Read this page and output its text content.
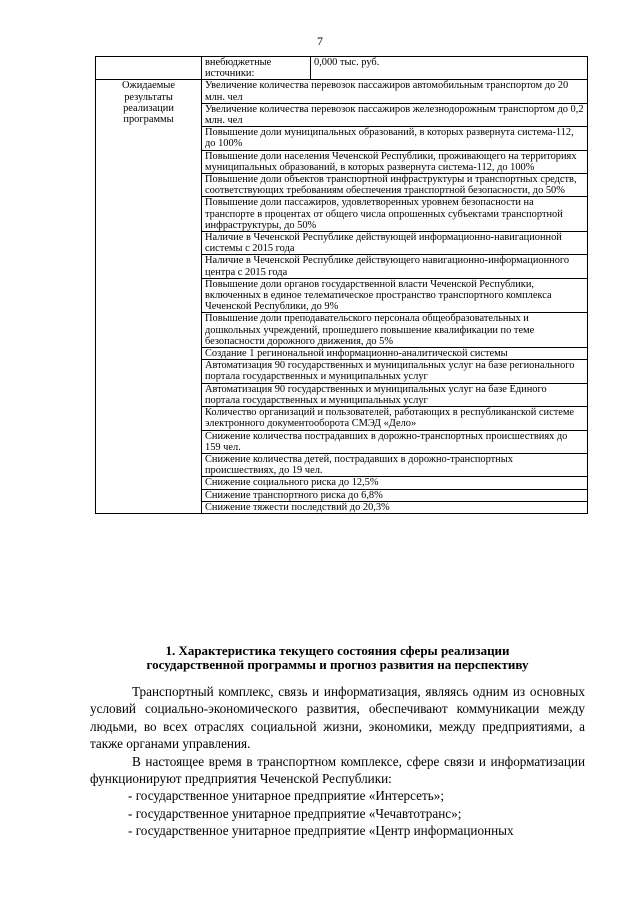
7
	внебюджетные источники:	0,000 тыс. руб.
Ожидаемые результаты реализации программы	Увеличение количества перевозок пассажиров автомобильным транспортом до 20 млн. чел	
	Увеличение количества перевозок пассажиров железнодорожным транспортом до 0,2 млн. чел	
	Повышение доли муниципальных образований, в которых развернута система-112, до 100%	
	Повышение доли населения Чеченской Республики, проживающего на территориях муниципальных образований, в которых развернута система-112, до 100%	
	Повышение доли объектов транспортной инфраструктуры и транспортных средств, соответствующих требованиям обеспечения транспортной безопасности, до 50%	
	Повышение доли пассажиров, удовлетворенных уровнем безопасности на транспорте в процентах от общего числа опрошенных субъектами транспортной инфраструктуры, до 50%	
	Наличие в Чеченской Республике действующей информационно-навигационной системы с 2015 года	
	Наличие в Чеченской Республике действующего навигационно-информационного центра с 2015 года	
	Повышение доли органов государственной власти Чеченской Республики, включенных в единое телематическое пространство транспортного комплекса Чеченской Республики, до 9%	
	Повышение доли преподавательского персонала общеобразовательных и дошкольных учреждений, прошедшего повышение квалификации по теме безопасности дорожного движения, до 5%	
	Создание 1 регинональной информационно-аналитической системы	
	Автоматизация 90 государственных и муниципальных услуг на базе регионального портала государственных и муниципальных услуг	
	Автоматизация 90 государственных и муниципальных услуг на базе Единого портала государственных и муниципальных услуг	
	Количество организаций и пользователей, работающих в республиканской системе электронного документооборота СМЭД «Дело»	
	Снижение количества пострадавших в дорожно-транспортных происшествиях до 159 чел.	
	Снижение количества детей, пострадавших в дорожно-транспортных происшествиях, до 19 чел.	
	Снижение социального риска до 12,5%	
	Снижение транспортного риска до 6,8%	
	Снижение тяжести последствий до 20,3%	
1. Характеристика текущего состояния сферы реализации
государственной программы и прогноз развития на перспективу

Транспортный комплекс, связь и информатизация, являясь одним из основных условий социально-экономического развития, обеспечивают коммуникации между людьми, во всех отраслях социальной жизни, экономики, между предприятиями, а также органами управления.

В настоящее время в транспортном комплексе, сфере связи и информатизации функционируют предприятия Чеченской Республики:

- государственное унитарное предприятие «Интерсеть»;

- государственное унитарное предприятие «Чечавтотранс»;

- государственное унитарное предприятие «Центр информационных
